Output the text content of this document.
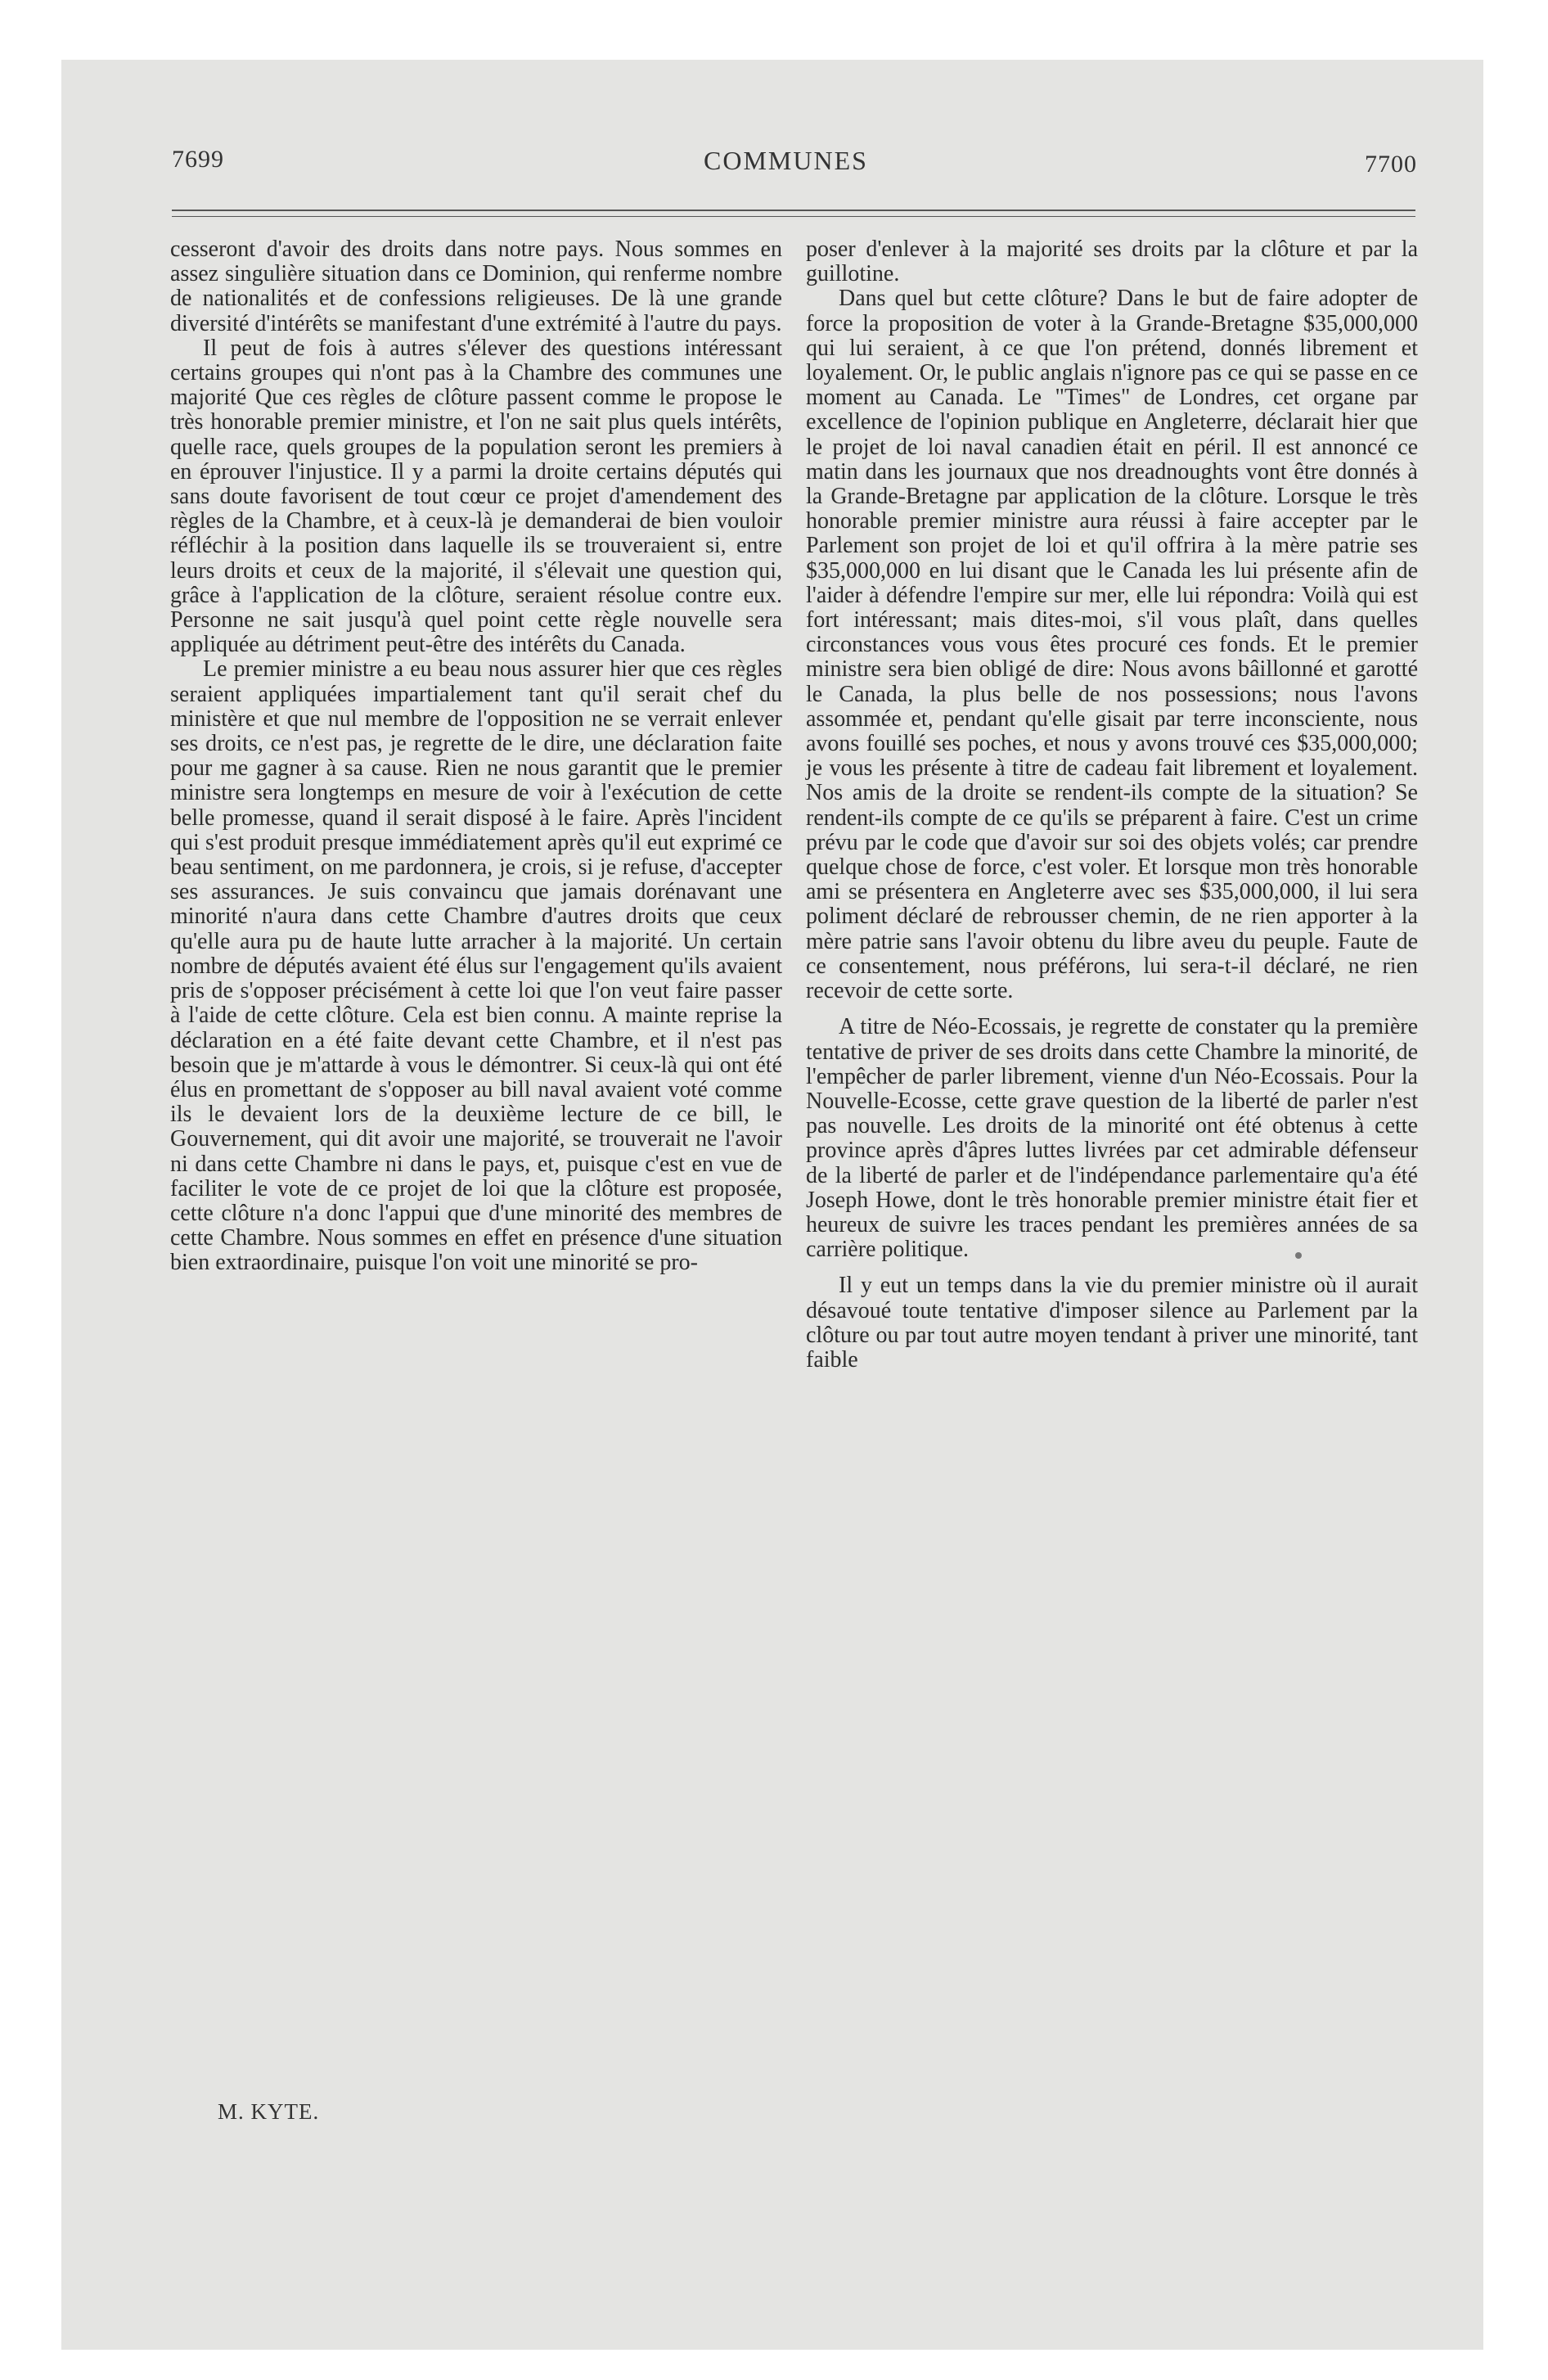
7699	COMMUNES	7700

cesseront d'avoir des droits dans notre pays. Nous sommes en assez singulière situation dans ce Dominion, qui renferme nombre de nationalités et de confessions religieuses. De là une grande diversité d'intérêts se manifestant d'une extrémité à l'autre du pays.

Il peut de fois à autres s'élever des questions intéressant certains groupes qui n'ont pas à la Chambre des communes une majorité Que ces règles de clôture passent comme le propose le très honorable premier ministre, et l'on ne sait plus quels intérêts, quelle race, quels groupes de la population seront les premiers à en éprouver l'injustice. Il y a parmi la droite certains députés qui sans doute favorisent de tout cœur ce projet d'amendement des règles de la Chambre, et à ceux-là je demanderai de bien vouloir réfléchir à la position dans laquelle ils se trouveraient si, entre leurs droits et ceux de la majorité, il s'élevait une question qui, grâce à l'application de la clôture, seraient résolue contre eux. Personne ne sait jusqu'à quel point cette règle nouvelle sera appliquée au détriment peut-être des intérêts du Canada.

Le premier ministre a eu beau nous assurer hier que ces règles seraient appliquées impartialement tant qu'il serait chef du ministère et que nul membre de l'opposition ne se verrait enlever ses droits, ce n'est pas, je regrette de le dire, une déclaration faite pour me gagner à sa cause. Rien ne nous garantit que le premier ministre sera longtemps en mesure de voir à l'exécution de cette belle promesse, quand il serait disposé à le faire. Après l'incident qui s'est produit presque immédiatement après qu'il eut exprimé ce beau sentiment, on me pardonnera, je crois, si je refuse, d'accepter ses assurances. Je suis convaincu que jamais dorénavant une minorité n'aura dans cette Chambre d'autres droits que ceux qu'elle aura pu de haute lutte arracher à la majorité. Un certain nombre de députés avaient été élus sur l'engagement qu'ils avaient pris de s'opposer précisément à cette loi que l'on veut faire passer à l'aide de cette clôture. Cela est bien connu. A mainte reprise la déclaration en a été faite devant cette Chambre, et il n'est pas besoin que je m'attarde à vous le démontrer. Si ceux-là qui ont été élus en promettant de s'opposer au bill naval avaient voté comme ils le devaient lors de la deuxième lecture de ce bill, le Gouvernement, qui dit avoir une majorité, se trouverait ne l'avoir ni dans cette Chambre ni dans le pays, et, puisque c'est en vue de faciliter le vote de ce projet de loi que la clôture est proposée, cette clôture n'a donc l'appui que d'une minorité des membres de cette Chambre. Nous sommes en effet en présence d'une situation bien extraordinaire, puisque l'on voit une minorité se pro-

M. KYTE.

poser d'enlever à la majorité ses droits par la clôture et par la guillotine.

Dans quel but cette clôture? Dans le but de faire adopter de force la proposition de voter à la Grande-Bretagne $35,000,000 qui lui seraient, à ce que l'on prétend, donnés librement et loyalement. Or, le public anglais n'ignore pas ce qui se passe en ce moment au Canada. Le "Times" de Londres, cet organe par excellence de l'opinion publique en Angleterre, déclarait hier que le projet de loi naval canadien était en péril. Il est annoncé ce matin dans les journaux que nos dreadnoughts vont être donnés à la Grande-Bretagne par application de la clôture. Lorsque le très honorable premier ministre aura réussi à faire accepter par le Parlement son projet de loi et qu'il offrira à la mère patrie ses $35,000,000 en lui disant que le Canada les lui présente afin de l'aider à défendre l'empire sur mer, elle lui répondra: Voilà qui est fort intéressant; mais dites-moi, s'il vous plaît, dans quelles circonstances vous vous êtes procuré ces fonds. Et le premier ministre sera bien obligé de dire: Nous avons bâillonné et garotté le Canada, la plus belle de nos possessions; nous l'avons assommée et, pendant qu'elle gisait par terre inconsciente, nous avons fouillé ses poches, et nous y avons trouvé ces $35,000,000; je vous les présente à titre de cadeau fait librement et loyalement. Nos amis de la droite se rendent-ils compte de la situation? Se rendent-ils compte de ce qu'ils se préparent à faire. C'est un crime prévu par le code que d'avoir sur soi des objets volés; car prendre quelque chose de force, c'est voler. Et lorsque mon très honorable ami se présentera en Angleterre avec ses $35,000,000, il lui sera poliment déclaré de rebrousser chemin, de ne rien apporter à la mère patrie sans l'avoir obtenu du libre aveu du peuple. Faute de ce consentement, nous préférons, lui sera-t-il déclaré, ne rien recevoir de cette sorte.

A titre de Néo-Ecossais, je regrette de constater qu la première tentative de priver de ses droits dans cette Chambre la minorité, de l'empêcher de parler librement, vienne d'un Néo-Ecossais. Pour la Nouvelle-Ecosse, cette grave question de la liberté de parler n'est pas nouvelle. Les droits de la minorité ont été obtenus à cette province après d'âpres luttes livrées par cet admirable défenseur de la liberté de parler et de l'indépendance parlementaire qu'a été Joseph Howe, dont le très honorable premier ministre était fier et heureux de suivre les traces pendant les premières années de sa carrière politique.

Il y eut un temps dans la vie du premier ministre où il aurait désavoué toute tentative d'imposer silence au Parlement par la clôture ou par tout autre moyen tendant à priver une minorité, tant faible
